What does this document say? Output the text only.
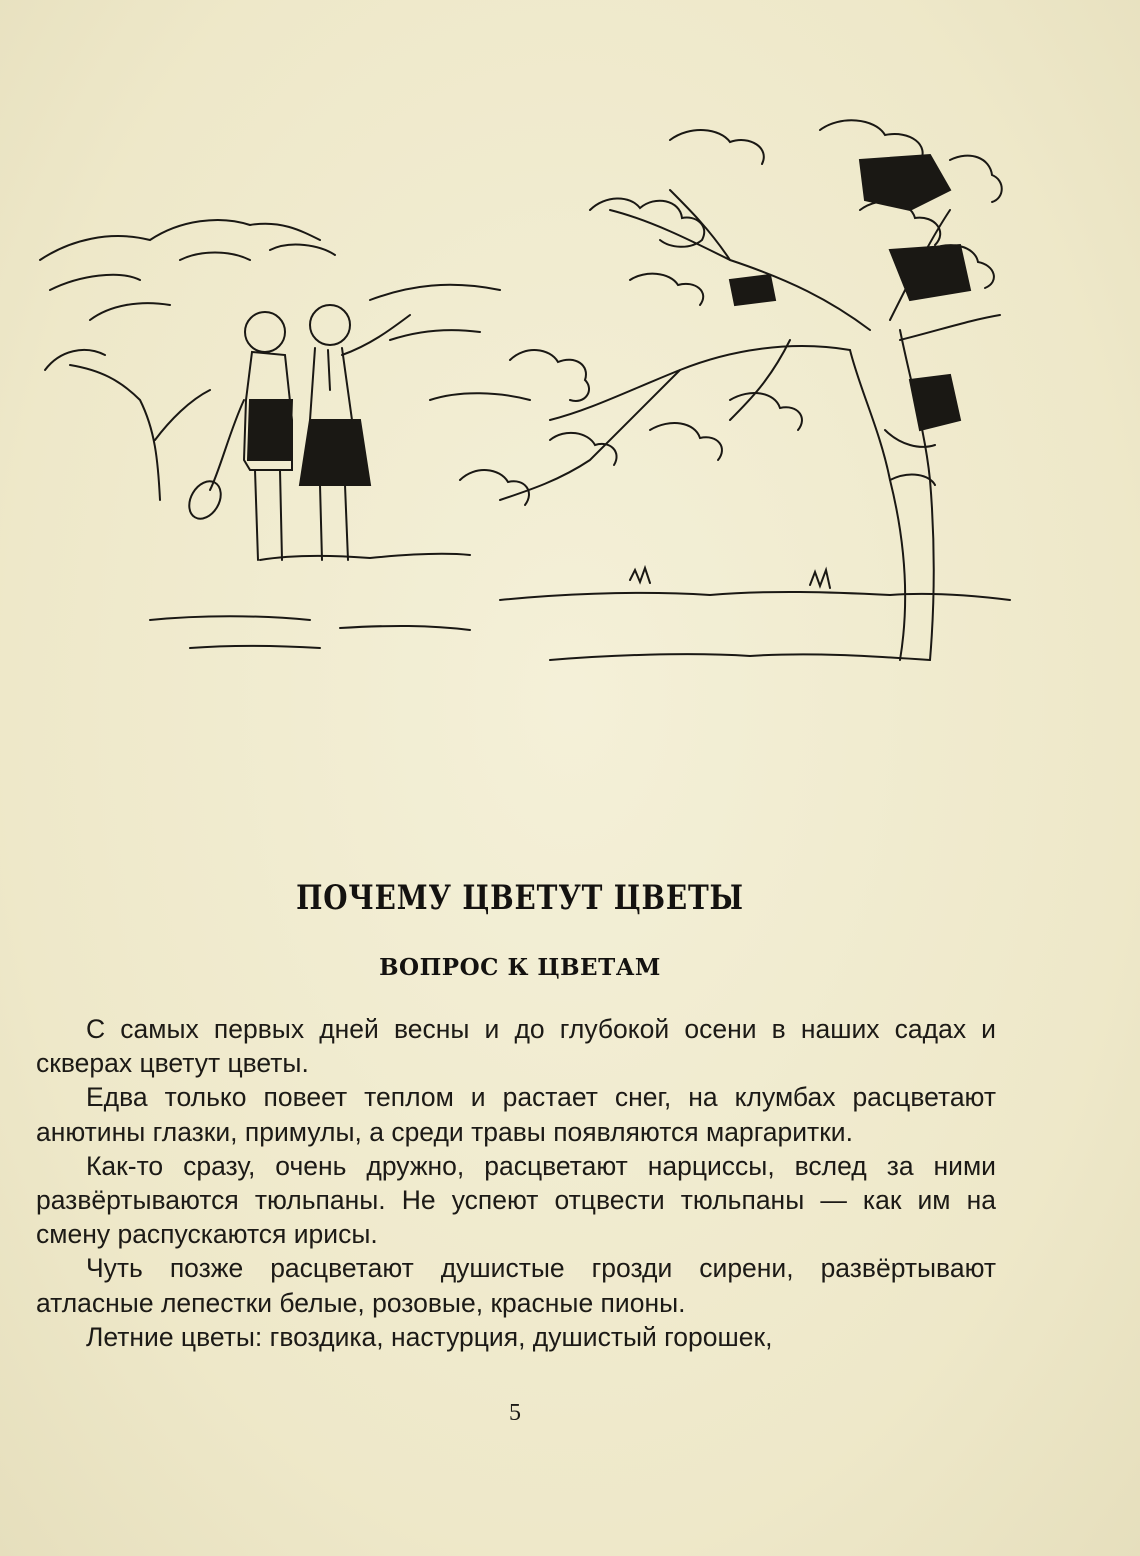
ПОЧЕМУ ЦВЕТУТ ЦВЕТЫ
ВОПРОС К ЦВЕТАМ

С самых первых дней весны и до глубокой осени в наших садах и скверах цветут цветы.

Едва только повеет теплом и растает снег, на клумбах расцветают анютины глазки, примулы, а среди травы появляются маргаритки.

Как-то сразу, очень дружно, расцветают нарциссы, вслед за ними развёртываются тюльпаны. Не успеют отцвести тюльпаны — как им на смену распускаются ирисы.

Чуть позже расцветают душистые грозди сирени, развёртывают атласные лепестки белые, розовые, красные пионы.

Летние цветы: гвоздика, настурция, душистый горошек,

5
